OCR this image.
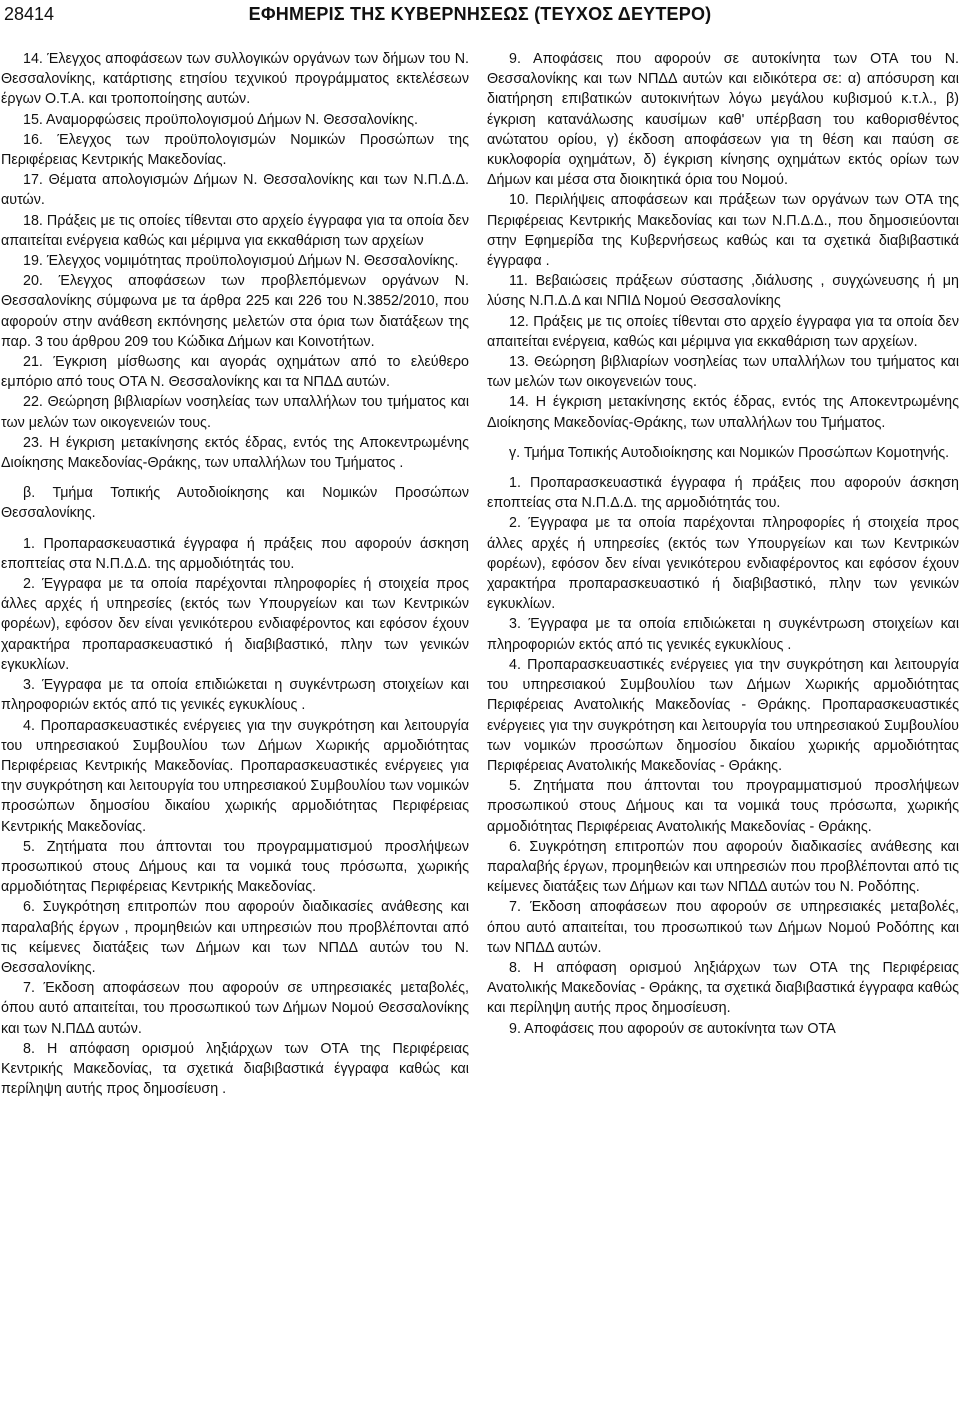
28414	ΕΦΗΜΕΡΙΣ ΤΗΣ ΚΥΒΕΡΝΗΣΕΩΣ (ΤΕΥΧΟΣ ΔΕΥΤΕΡΟ)

14. Έλεγχος αποφάσεων των συλλογικών οργάνων των δήμων του Ν. Θεσσαλονίκης, κατάρτισης ετησίου τεχνικού προγράμματος εκτελέσεων έργων Ο.Τ.Α. και τροποποίησης αυτών.

15. Αναμορφώσεις προϋπολογισμού Δήμων Ν. Θεσσαλονίκης.

16. Έλεγχος των προϋπολογισμών Νομικών Προσώπων της Περιφέρειας Κεντρικής Μακεδονίας.

17. Θέματα απολογισμών Δήμων Ν. Θεσσαλονίκης και των Ν.Π.Δ.Δ. αυτών.

18. Πράξεις με τις οποίες τίθενται στο αρχείο έγγραφα για τα οποία δεν απαιτείται ενέργεια καθώς και μέριμνα για εκκαθάριση των αρχείων

19. Έλεγχος νομιμότητας προϋπολογισμού Δήμων Ν. Θεσσαλονίκης.

20. Έλεγχος αποφάσεων των προβλεπόμενων οργάνων Ν. Θεσσαλονίκης σύμφωνα με τα άρθρα 225 και 226 του Ν.3852/2010, που αφορούν στην ανάθεση εκπόνησης μελετών στα όρια των διατάξεων της παρ. 3 του άρθρου 209 του Κώδικα Δήμων και Κοινοτήτων.

21. Έγκριση μίσθωσης και αγοράς οχημάτων από το ελεύθερο εμπόριο από τους ΟΤΑ Ν. Θεσσαλονίκης και τα ΝΠΔΔ αυτών.

22. Θεώρηση βιβλιαρίων νοσηλείας των υπαλλήλων του τμήματος και των μελών των οικογενειών τους.

23. Η έγκριση μετακίνησης εκτός έδρας, εντός της Αποκεντρωμένης Διοίκησης Μακεδονίας-Θράκης, των υπαλλήλων του Τμήματος .

β. Τμήμα Τοπικής Αυτοδιοίκησης και Νομικών Προσώπων Θεσσαλονίκης.

1. Προπαρασκευαστικά έγγραφα ή πράξεις που αφορούν άσκηση εποπτείας στα Ν.Π.Δ.Δ. της αρμοδιότητάς του.

2. Έγγραφα με τα οποία παρέχονται πληροφορίες ή στοιχεία προς άλλες αρχές ή υπηρεσίες (εκτός των Υπουργείων και των Κεντρικών φορέων), εφόσον δεν είναι γενικότερου ενδιαφέροντος και εφόσον έχουν χαρακτήρα προπαρασκευαστικό ή διαβιβαστικό, πλην των γενικών εγκυκλίων.

3. Έγγραφα με τα οποία επιδιώκεται η συγκέντρωση στοιχείων και πληροφοριών εκτός από τις γενικές εγκυκλίους .

4. Προπαρασκευαστικές ενέργειες για την συγκρότηση και λειτουργία του υπηρεσιακού Συμβουλίου των Δήμων Χωρικής αρμοδιότητας Περιφέρειας Κεντρικής Μακεδονίας. Προπαρασκευαστικές ενέργειες για την συγκρότηση και λειτουργία του υπηρεσιακού Συμβουλίου των νομικών προσώπων δημοσίου δικαίου χωρικής αρμοδιότητας Περιφέρειας Κεντρικής Μακεδονίας.

5. Ζητήματα που άπτονται του προγραμματισμού προσλήψεων προσωπικού στους Δήμους και τα νομικά τους πρόσωπα, χωρικής αρμοδιότητας Περιφέρειας Κεντρικής Μακεδονίας.

6. Συγκρότηση επιτροπών που αφορούν διαδικασίες ανάθεσης και παραλαβής έργων , προμηθειών και υπηρεσιών που προβλέπονται από τις κείμενες διατάξεις των Δήμων και των ΝΠΔΔ αυτών του Ν. Θεσσαλονίκης.

7. Έκδοση αποφάσεων που αφορούν σε υπηρεσιακές μεταβολές, όπου αυτό απαιτείται, του προσωπικού των Δήμων Νομού Θεσσαλονίκης και των Ν.ΠΔΔ αυτών.

8. Η απόφαση ορισμού ληξιάρχων των ΟΤΑ της Περιφέρειας Κεντρικής Μακεδονίας, τα σχετικά διαβιβαστικά έγγραφα καθώς και περίληψη αυτής προς δημοσίευση .

9. Αποφάσεις που αφορούν σε αυτοκίνητα των ΟΤΑ του Ν. Θεσσαλονίκης και των ΝΠΔΔ αυτών και ειδικότερα σε: α) απόσυρση και διατήρηση επιβατικών αυτοκινήτων λόγω μεγάλου κυβισμού κ.τ.λ., β) έγκριση κατανάλωσης καυσίμων καθ' υπέρβαση του καθορισθέντος ανώτατου ορίου, γ) έκδοση αποφάσεων για τη θέση και παύση σε κυκλοφορία οχημάτων, δ) έγκριση κίνησης οχημάτων εκτός ορίων των Δήμων και μέσα στα διοικητικά όρια του Νομού.

10. Περιλήψεις αποφάσεων και πράξεων των οργάνων των ΟΤΑ της Περιφέρειας Κεντρικής Μακεδονίας και των Ν.Π.Δ.Δ., που δημοσιεύονται στην Εφημερίδα της Κυβερνήσεως καθώς και τα σχετικά διαβιβαστικά έγγραφα .

11. Βεβαιώσεις πράξεων σύστασης ,διάλυσης , συγχώνευσης ή μη λύσης Ν.Π.Δ.Δ και ΝΠΙΔ Νομού Θεσσαλονίκης

12. Πράξεις με τις οποίες τίθενται στο αρχείο έγγραφα για τα οποία δεν απαιτείται ενέργεια, καθώς και μέριμνα για εκκαθάριση των αρχείων.

13. Θεώρηση βιβλιαρίων νοσηλείας των υπαλλήλων του τμήματος και των μελών των οικογενειών τους.

14. Η έγκριση μετακίνησης εκτός έδρας, εντός της Αποκεντρωμένης Διοίκησης Μακεδονίας-Θράκης, των υπαλλήλων του Τμήματος.

γ. Τμήμα Τοπικής Αυτοδιοίκησης και Νομικών Προσώπων Κομοτηνής.

1. Προπαρασκευαστικά έγγραφα ή πράξεις που αφορούν άσκηση εποπτείας στα Ν.Π.Δ.Δ. της αρμοδιότητάς του.

2. Έγγραφα με τα οποία παρέχονται πληροφορίες ή στοιχεία προς άλλες αρχές ή υπηρεσίες (εκτός των Υπουργείων και των Κεντρικών φορέων), εφόσον δεν είναι γενικότερου ενδιαφέροντος και εφόσον έχουν χαρακτήρα προπαρασκευαστικό ή διαβιβαστικό, πλην των γενικών εγκυκλίων.

3. Έγγραφα με τα οποία επιδιώκεται η συγκέντρωση στοιχείων και πληροφοριών εκτός από τις γενικές εγκυκλίους .

4. Προπαρασκευαστικές ενέργειες για την συγκρότηση και λειτουργία του υπηρεσιακού Συμβουλίου των Δήμων Χωρικής αρμοδιότητας Περιφέρειας Ανατολικής Μακεδονίας - Θράκης. Προπαρασκευαστικές ενέργειες για την συγκρότηση και λειτουργία του υπηρεσιακού Συμβουλίου των νομικών προσώπων δημοσίου δικαίου χωρικής αρμοδιότητας Περιφέρειας Ανατολικής Μακεδονίας - Θράκης.

5. Ζητήματα που άπτονται του προγραμματισμού προσλήψεων προσωπικού στους Δήμους και τα νομικά τους πρόσωπα, χωρικής αρμοδιότητας Περιφέρειας Ανατολικής Μακεδονίας - Θράκης.

6. Συγκρότηση επιτροπών που αφορούν διαδικασίες ανάθεσης και παραλαβής έργων, προμηθειών και υπηρεσιών που προβλέπονται από τις κείμενες διατάξεις των Δήμων και των ΝΠΔΔ αυτών του Ν. Ροδόπης.

7. Έκδοση αποφάσεων που αφορούν σε υπηρεσιακές μεταβολές, όπου αυτό απαιτείται, του προσωπικού των Δήμων Νομού Ροδόπης και των ΝΠΔΔ αυτών.

8. Η απόφαση ορισμού ληξιάρχων των ΟΤΑ της Περιφέρειας Ανατολικής Μακεδονίας - Θράκης, τα σχετικά διαβιβαστικά έγγραφα καθώς και περίληψη αυτής προς δημοσίευση.

9. Αποφάσεις που αφορούν σε αυτοκίνητα των ΟΤΑ
